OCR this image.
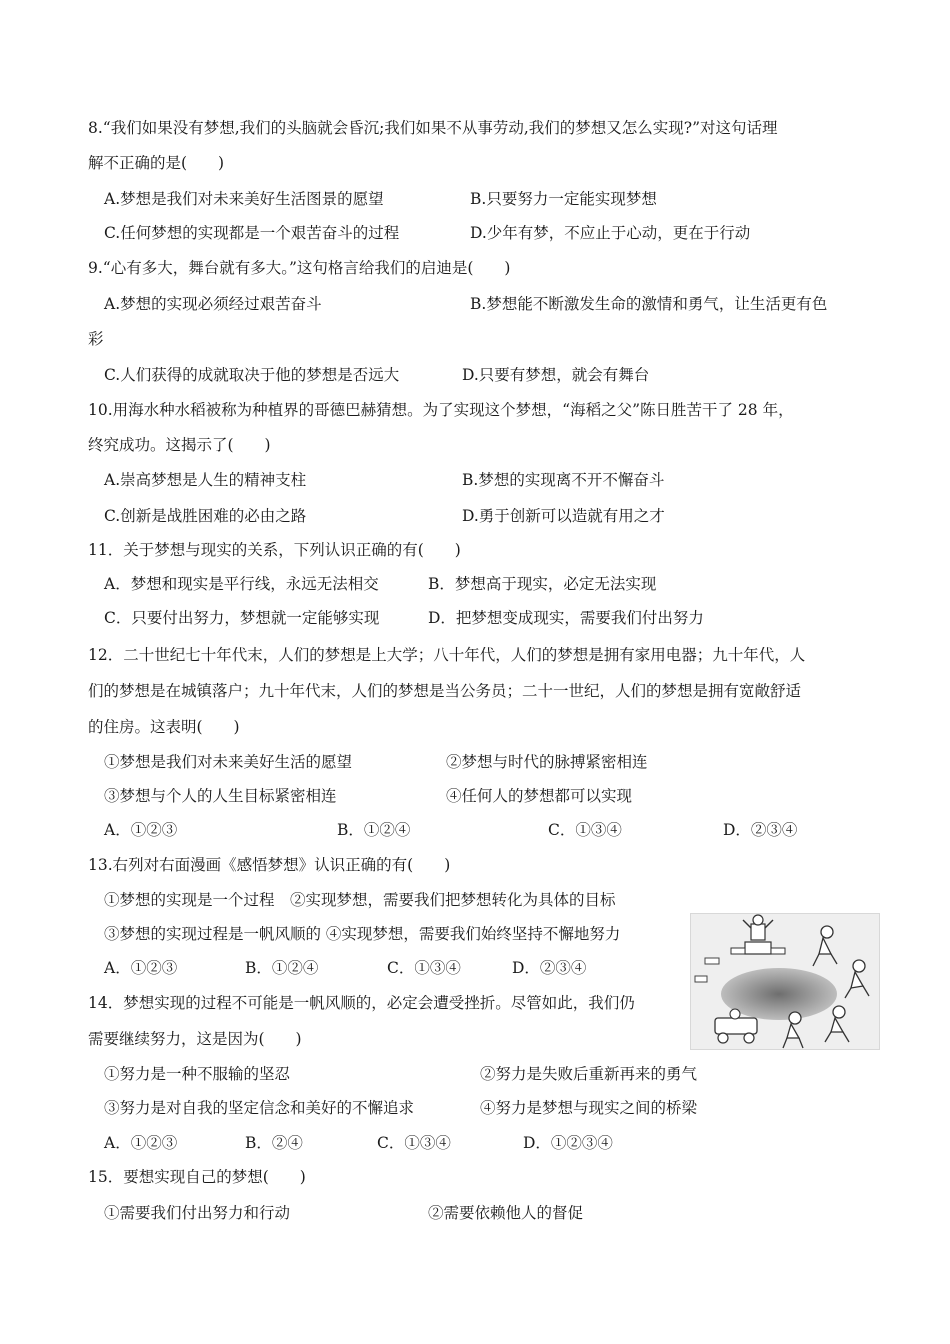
8.“我们如果没有梦想,我们的头脑就会昏沉;我们如果不从事劳动,我们的梦想又怎么实现?”对这句话理
解不正确的是(　　)
A.梦想是我们对未来美好生活图景的愿望	B.只要努力一定能实现梦想
C.任何梦想的实现都是一个艰苦奋斗的过程	D.少年有梦，不应止于心动，更在于行动
9.“心有多大，舞台就有多大。”这句格言给我们的启迪是(　　)
A.梦想的实现必须经过艰苦奋斗	B.梦想能不断激发生命的激情和勇气，让生活更有色
彩
C.人们获得的成就取决于他的梦想是否远大	D.只要有梦想，就会有舞台
10.用海水种水稻被称为种植界的哥德巴赫猜想。为了实现这个梦想，“海稻之父”陈日胜苦干了 28 年，
终究成功。这揭示了(　　)
A.崇高梦想是人生的精神支柱	B.梦想的实现离不开不懈奋斗
C.创新是战胜困难的必由之路	D.勇于创新可以造就有用之才
11．关于梦想与现实的关系，下列认识正确的有(　　)
A．梦想和现实是平行线，永远无法相交	B．梦想高于现实，必定无法实现
C．只要付出努力，梦想就一定能够实现	D．把梦想变成现实，需要我们付出努力
12．二十世纪七十年代末，人们的梦想是上大学；八十年代，人们的梦想是拥有家用电器；九十年代，人
们的梦想是在城镇落户；九十年代末，人们的梦想是当公务员；二十一世纪，人们的梦想是拥有宽敞舒适
的住房。这表明(　　)
①梦想是我们对未来美好生活的愿望	②梦想与时代的脉搏紧密相连
③梦想与个人的人生目标紧密相连	④任何人的梦想都可以实现
A．①②③	B．①②④	C．①③④	D．②③④
13.右列对右面漫画《感悟梦想》认识正确的有(　　)
①梦想的实现是一个过程　②实现梦想，需要我们把梦想转化为具体的目标
③梦想的实现过程是一帆风顺的 ④实现梦想，需要我们始终坚持不懈地努力
A．①②③	B．①②④	C．①③④	D．②③④
14．梦想实现的过程不可能是一帆风顺的，必定会遭受挫折。尽管如此，我们仍
需要继续努力，这是因为(　　)
①努力是一种不服输的坚忍	②努力是失败后重新再来的勇气
③努力是对自我的坚定信念和美好的不懈追求	④努力是梦想与现实之间的桥梁
A．①②③	B．②④	C．①③④	D．①②③④
15．要想实现自己的梦想(　　)
①需要我们付出努力和行动	②需要依赖他人的督促
